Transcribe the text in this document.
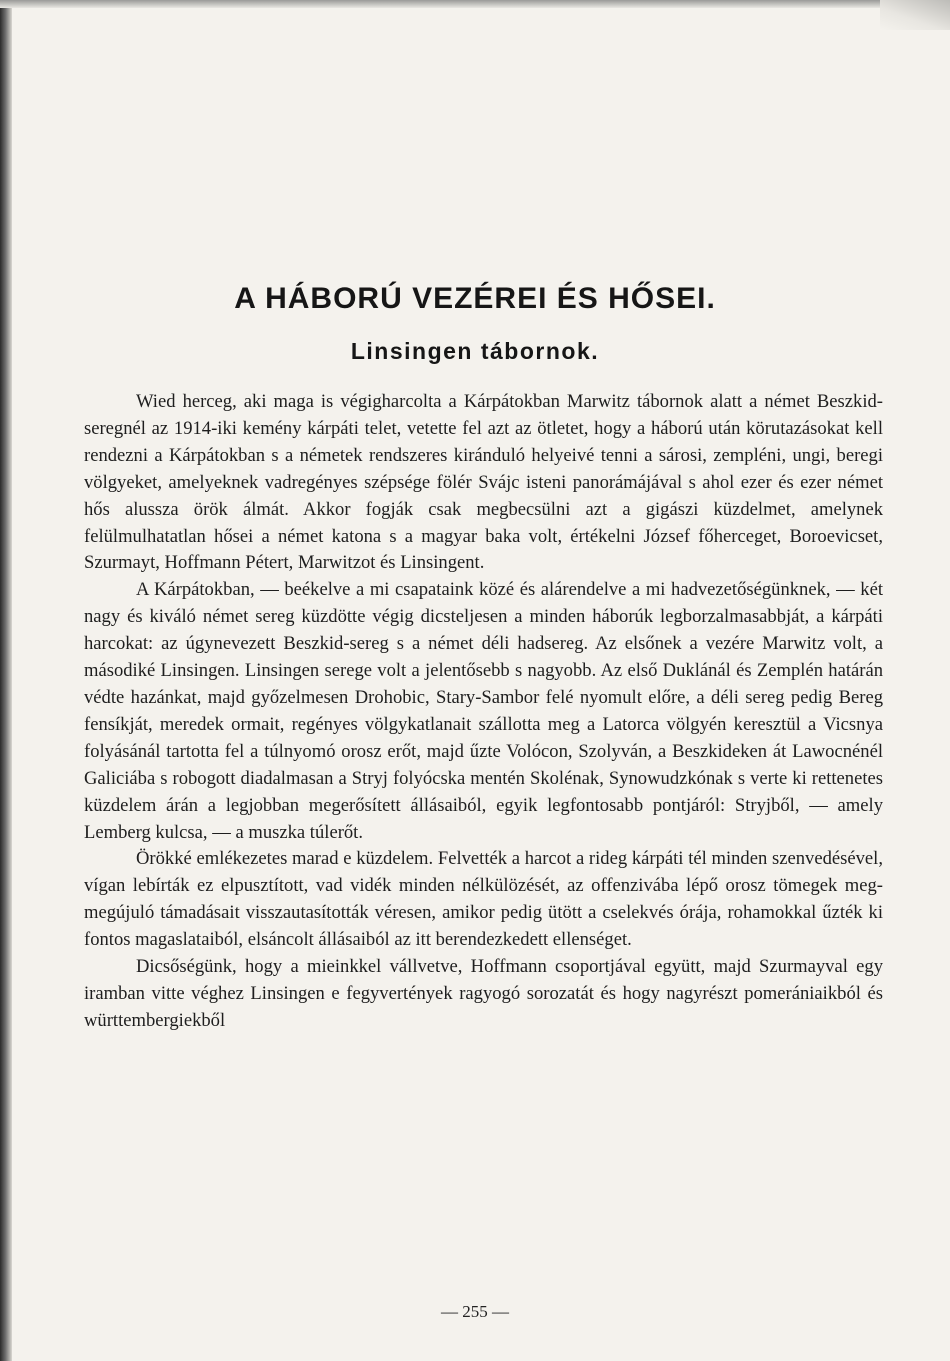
A HÁBORÚ VEZÉREI ÉS HŐSEI.
Linsingen tábornok.

Wied herceg, aki maga is végigharcolta a Kárpátokban Marwitz tábornok alatt a német Beszkid-seregnél az 1914-iki kemény kárpáti telet, vetette fel azt az ötletet, hogy a háború után körutazásokat kell rendezni a Kárpátokban s a németek rendszeres kiránduló helyeivé tenni a sárosi, zempléni, ungi, beregi völgyeket, amelyeknek vadregényes szépsége fölér Svájc isteni panorámájával s ahol ezer és ezer német hős alussza örök álmát. Akkor fogják csak megbecsülni azt a gigászi küzdelmet, amelynek felülmulhatatlan hősei a német katona s a magyar baka volt, értékelni József főherceget, Boroevicset, Szurmayt, Hoffmann Pétert, Marwitzot és Linsingent.

A Kárpátokban, — beékelve a mi csapataink közé és alárendelve a mi hadvezetőségünknek, — két nagy és kiváló német sereg küzdötte végig dicsteljesen a minden háborúk legborzalmasabbját, a kárpáti harcokat: az úgynevezett Beszkid-sereg s a német déli hadsereg. Az elsőnek a vezére Marwitz volt, a másodiké Linsingen. Linsingen serege volt a jelentősebb s nagyobb. Az első Duklánál és Zemplén határán védte hazánkat, majd győzelmesen Drohobic, Stary-Sambor felé nyomult előre, a déli sereg pedig Bereg fensíkját, meredek ormait, regényes völgykatlanait szállotta meg a Latorca völgyén keresztül a Vicsnya folyásánál tartotta fel a túlnyomó orosz erőt, majd űzte Volócon, Szolyván, a Beszkideken át Lawocnénél Galiciába s robogott diadalmasan a Stryj folyócska mentén Skolénak, Synowudzkónak s verte ki rettenetes küzdelem árán a legjobban megerősített állásaiból, egyik legfontosabb pontjáról: Stryjből, — amely Lemberg kulcsa, — a muszka túlerőt.

Örökké emlékezetes marad e küzdelem. Felvették a harcot a rideg kárpáti tél minden szenvedésével, vígan lebírták ez elpusztított, vad vidék minden nélkülözését, az offenzivába lépő orosz tömegek meg-megújuló támadásait visszautasították véresen, amikor pedig ütött a cselekvés órája, rohamokkal űzték ki fontos magaslataiból, elsáncolt állásaiból az itt berendezkedett ellenséget.

Dicsőségünk, hogy a mieinkkel vállvetve, Hoffmann csoportjával együtt, majd Szurmayval egy iramban vitte véghez Linsingen e fegyvertények ragyogó sorozatát és hogy nagyrészt pomerániaikból és württembergiekből

— 255 —
